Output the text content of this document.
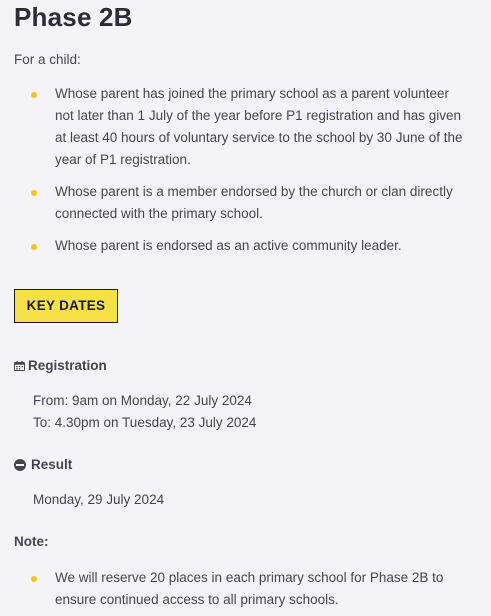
Phase 2B
For a child:
Whose parent has joined the primary school as a parent volunteer not later than 1 July of the year before P1 registration and has given at least 40 hours of voluntary service to the school by 30 June of the year of P1 registration.
Whose parent is a member endorsed by the church or clan directly connected with the primary school.
Whose parent is endorsed as an active community leader.
KEY DATES
Registration
From: 9am on Monday, 22 July 2024
To: 4.30pm on Tuesday, 23 July 2024
Result
Monday, 29 July 2024
Note:
We will reserve 20 places in each primary school for Phase 2B to ensure continued access to all primary schools.
